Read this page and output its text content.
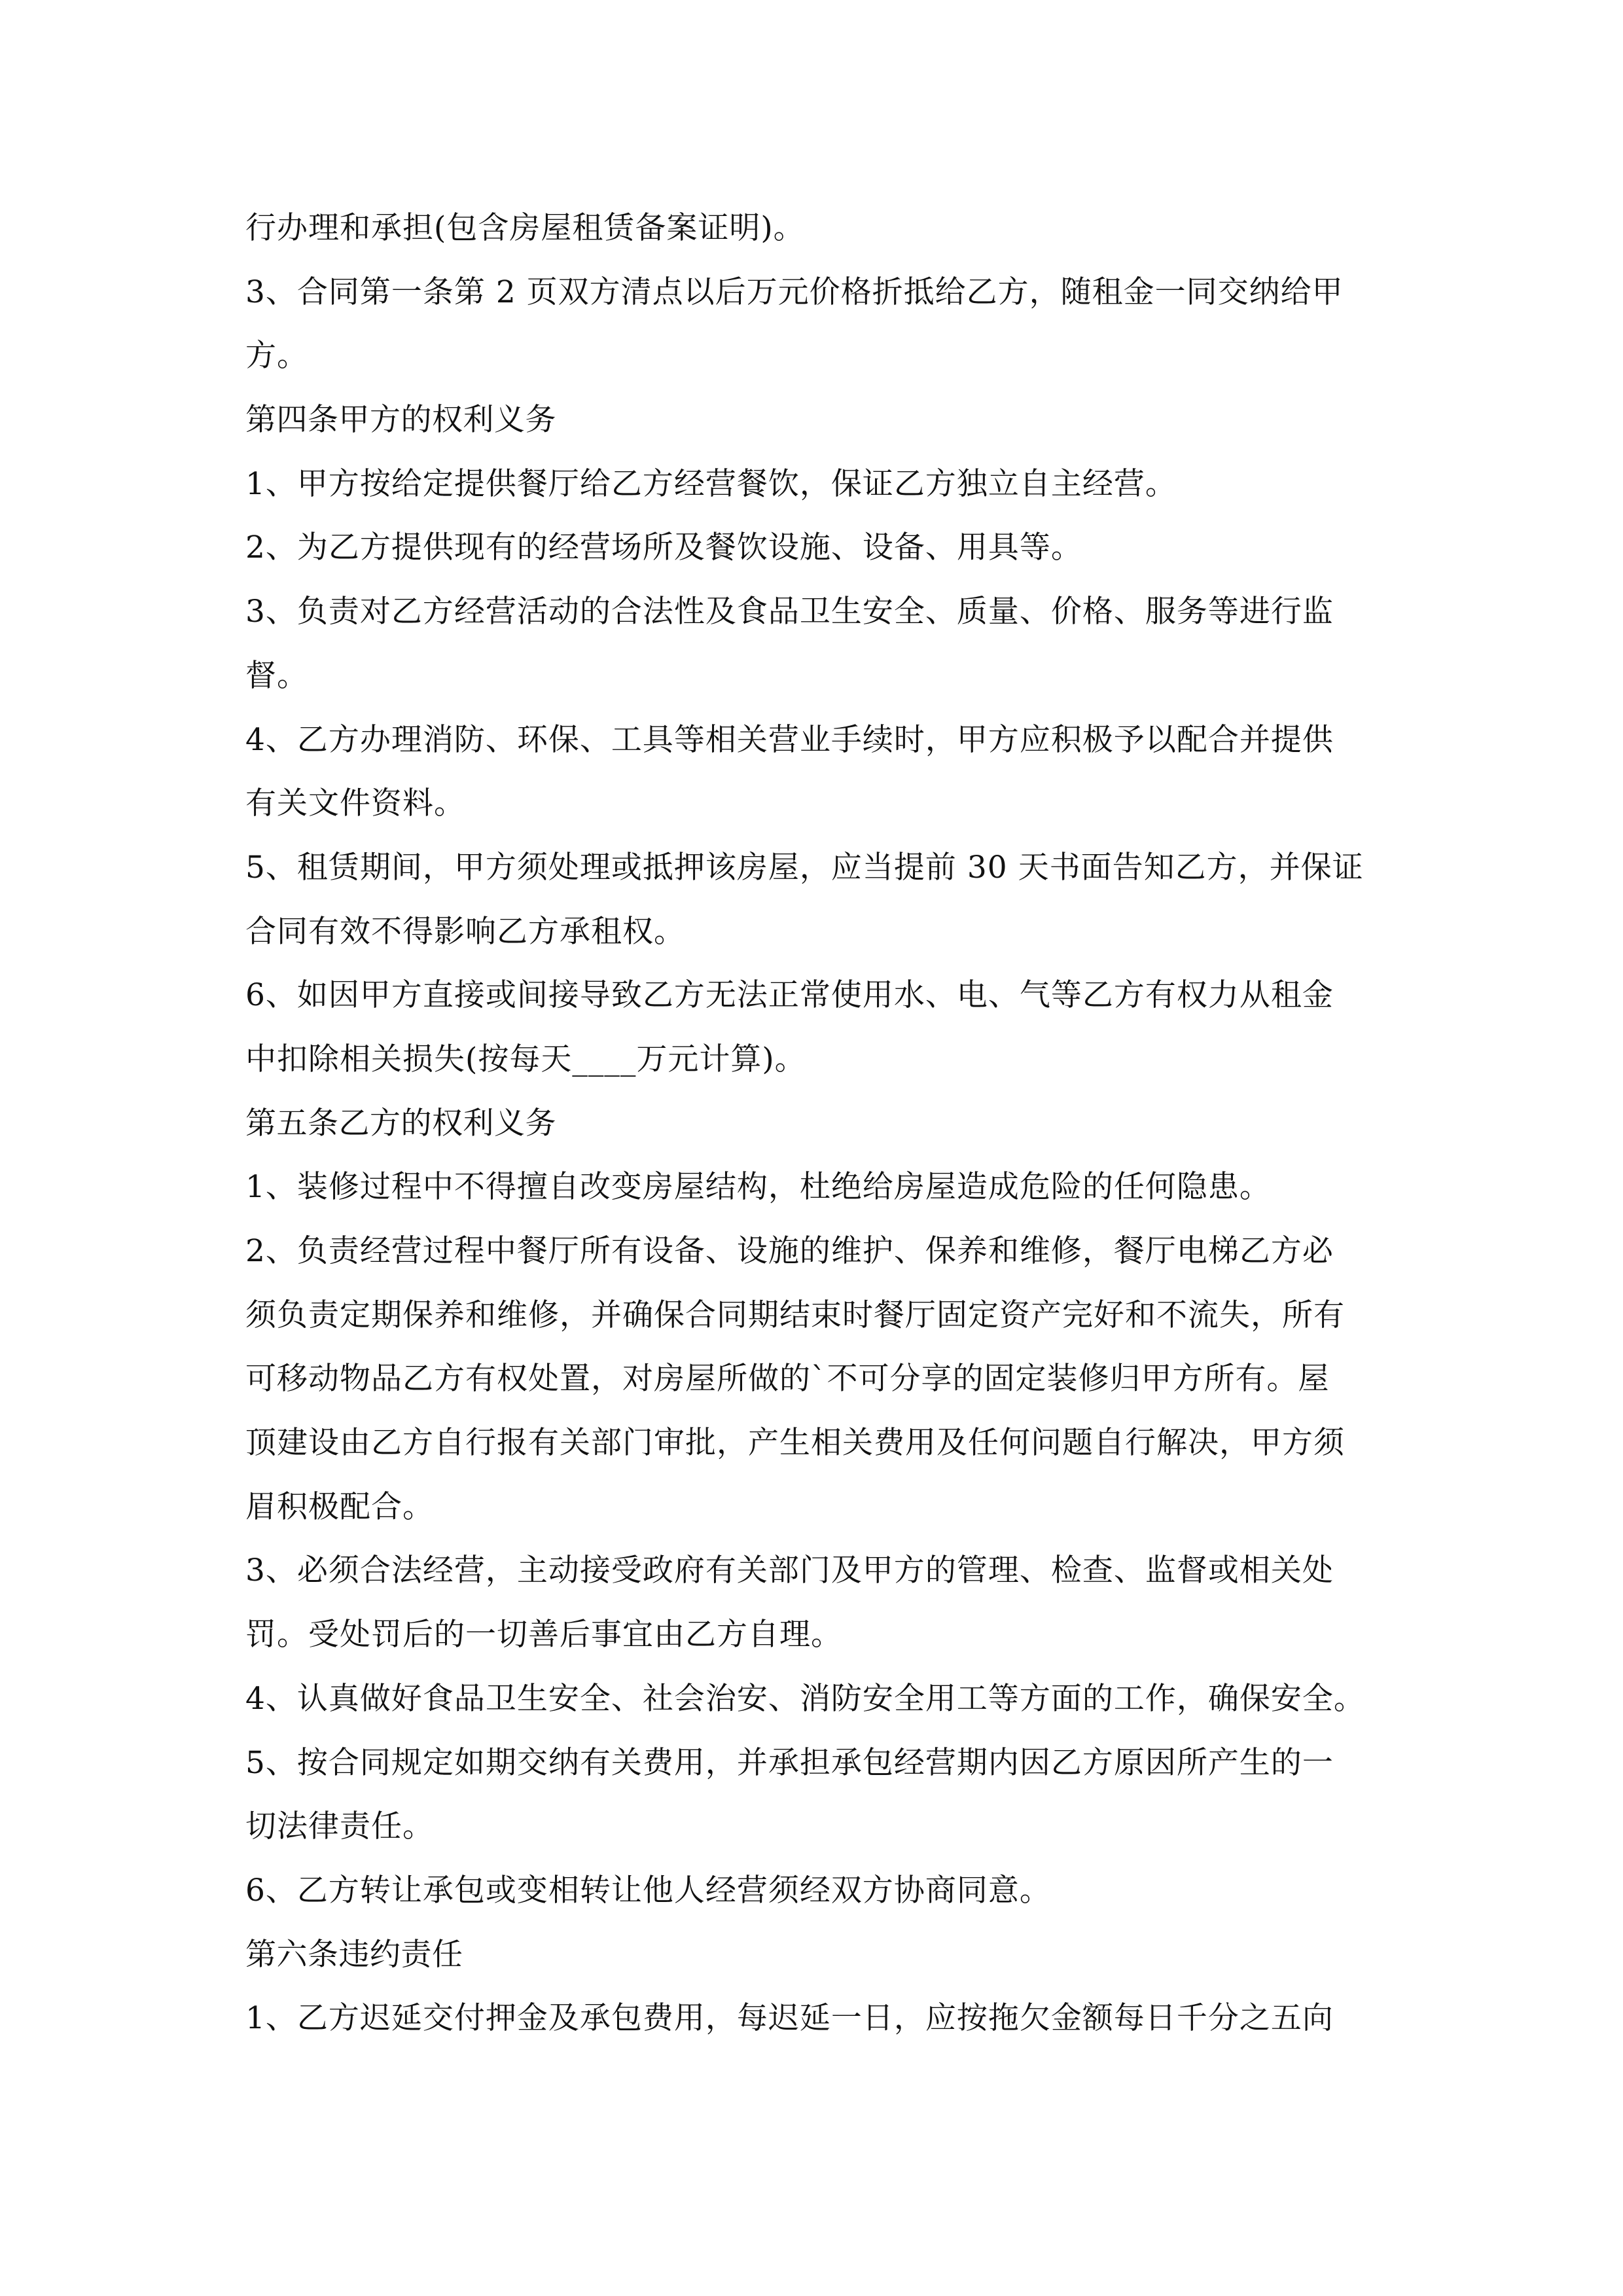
行办理和承担(包含房屋租赁备案证明)。
3、合同第一条第 2 页双方清点以后万元价格折抵给乙方，随租金一同交纳给甲
方。
第四条甲方的权利义务
1、甲方按给定提供餐厅给乙方经营餐饮，保证乙方独立自主经营。
2、为乙方提供现有的经营场所及餐饮设施、设备、用具等。
3、负责对乙方经营活动的合法性及食品卫生安全、质量、价格、服务等进行监
督。
4、乙方办理消防、环保、工具等相关营业手续时，甲方应积极予以配合并提供
有关文件资料。
5、租赁期间，甲方须处理或抵押该房屋，应当提前 30 天书面告知乙方，并保证
合同有效不得影响乙方承租权。
6、如因甲方直接或间接导致乙方无法正常使用水、电、气等乙方有权力从租金
中扣除相关损失(按每天____万元计算)。
第五条乙方的权利义务
1、装修过程中不得擅自改变房屋结构，杜绝给房屋造成危险的任何隐患。
2、负责经营过程中餐厅所有设备、设施的维护、保养和维修，餐厅电梯乙方必
须负责定期保养和维修，并确保合同期结束时餐厅固定资产完好和不流失，所有
可移动物品乙方有权处置，对房屋所做的`不可分享的固定装修归甲方所有。屋
顶建设由乙方自行报有关部门审批，产生相关费用及任何问题自行解决，甲方须
眉积极配合。
3、必须合法经营，主动接受政府有关部门及甲方的管理、检查、监督或相关处
罚。受处罚后的一切善后事宜由乙方自理。
4、认真做好食品卫生安全、社会治安、消防安全用工等方面的工作，确保安全。
5、按合同规定如期交纳有关费用，并承担承包经营期内因乙方原因所产生的一
切法律责任。
6、乙方转让承包或变相转让他人经营须经双方协商同意。
第六条违约责任
1、乙方迟延交付押金及承包费用，每迟延一日，应按拖欠金额每日千分之五向
